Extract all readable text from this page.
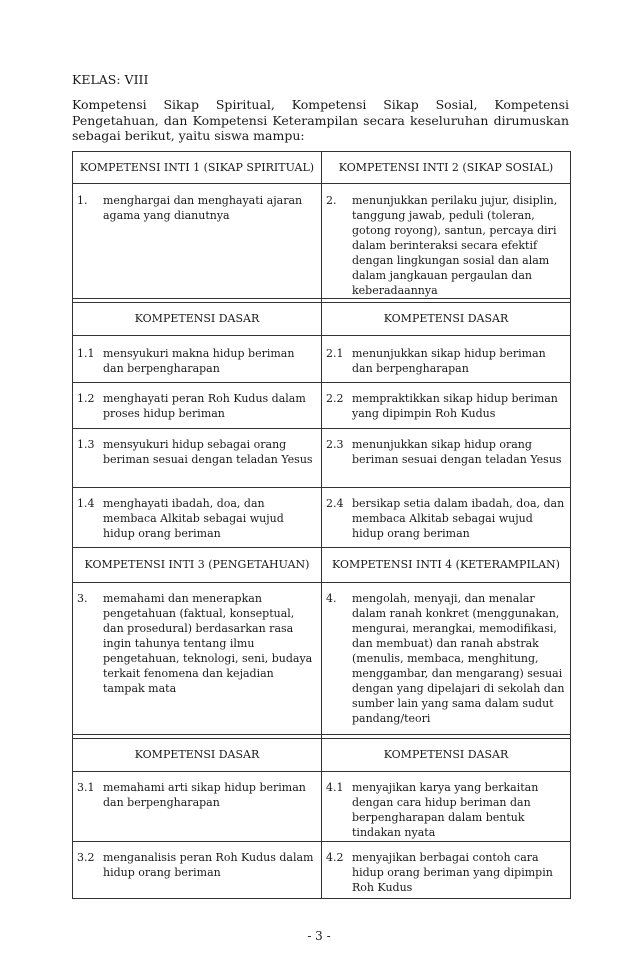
KELAS: VIII

Kompetensi Sikap Spiritual, Kompetensi Sikap Sosial, Kompetensi Pengetahuan, dan Kompetensi Keterampilan secara keseluruhan dirumuskan sebagai berikut, yaitu siswa mampu:

KOMPETENSI INTI 1 (SIKAP SPIRITUAL)	KOMPETENSI INTI 2 (SIKAP SOSIAL)

1. menghargai dan menghayati ajaran agama yang dianutnya	2. menunjukkan perilaku jujur, disiplin, tanggung jawab, peduli (toleran, gotong royong), santun, percaya diri dalam berinteraksi secara efektif dengan lingkungan sosial dan alam dalam jangkauan pergaulan dan keberadaannya

KOMPETENSI DASAR	KOMPETENSI DASAR

1.1 mensyukuri makna hidup beriman dan berpengharapan	2.1 menunjukkan sikap hidup beriman dan berpengharapan

1.2 menghayati peran Roh Kudus dalam proses hidup beriman	2.2 mempraktikkan sikap hidup beriman yang dipimpin Roh Kudus

1.3 mensyukuri hidup sebagai orang beriman sesuai dengan teladan Yesus	2.3 menunjukkan sikap hidup orang beriman sesuai dengan teladan Yesus

1.4 menghayati ibadah, doa, dan membaca Alkitab sebagai wujud hidup orang beriman	2.4 bersikap setia dalam ibadah, doa, dan membaca Alkitab sebagai wujud hidup orang beriman

KOMPETENSI INTI 3 (PENGETAHUAN)	KOMPETENSI INTI 4 (KETERAMPILAN)

3. memahami dan menerapkan pengetahuan (faktual, konseptual, dan prosedural) berdasarkan rasa ingin tahunya tentang ilmu pengetahuan, teknologi, seni, budaya terkait fenomena dan kejadian tampak mata	4. mengolah, menyaji, dan menalar dalam ranah konkret (menggunakan, mengurai, merangkai, memodifikasi, dan membuat) dan ranah abstrak (menulis, membaca, menghitung, menggambar, dan mengarang) sesuai dengan yang dipelajari di sekolah dan sumber lain yang sama dalam sudut pandang/teori

KOMPETENSI DASAR	KOMPETENSI DASAR

3.1 memahami arti sikap hidup beriman dan berpengharapan	4.1 menyajikan karya yang berkaitan dengan cara hidup beriman dan berpengharapan dalam bentuk tindakan nyata

3.2 menganalisis peran Roh Kudus dalam hidup orang beriman	4.2 menyajikan berbagai contoh cara hidup orang beriman yang dipimpin Roh Kudus
- 3 -
